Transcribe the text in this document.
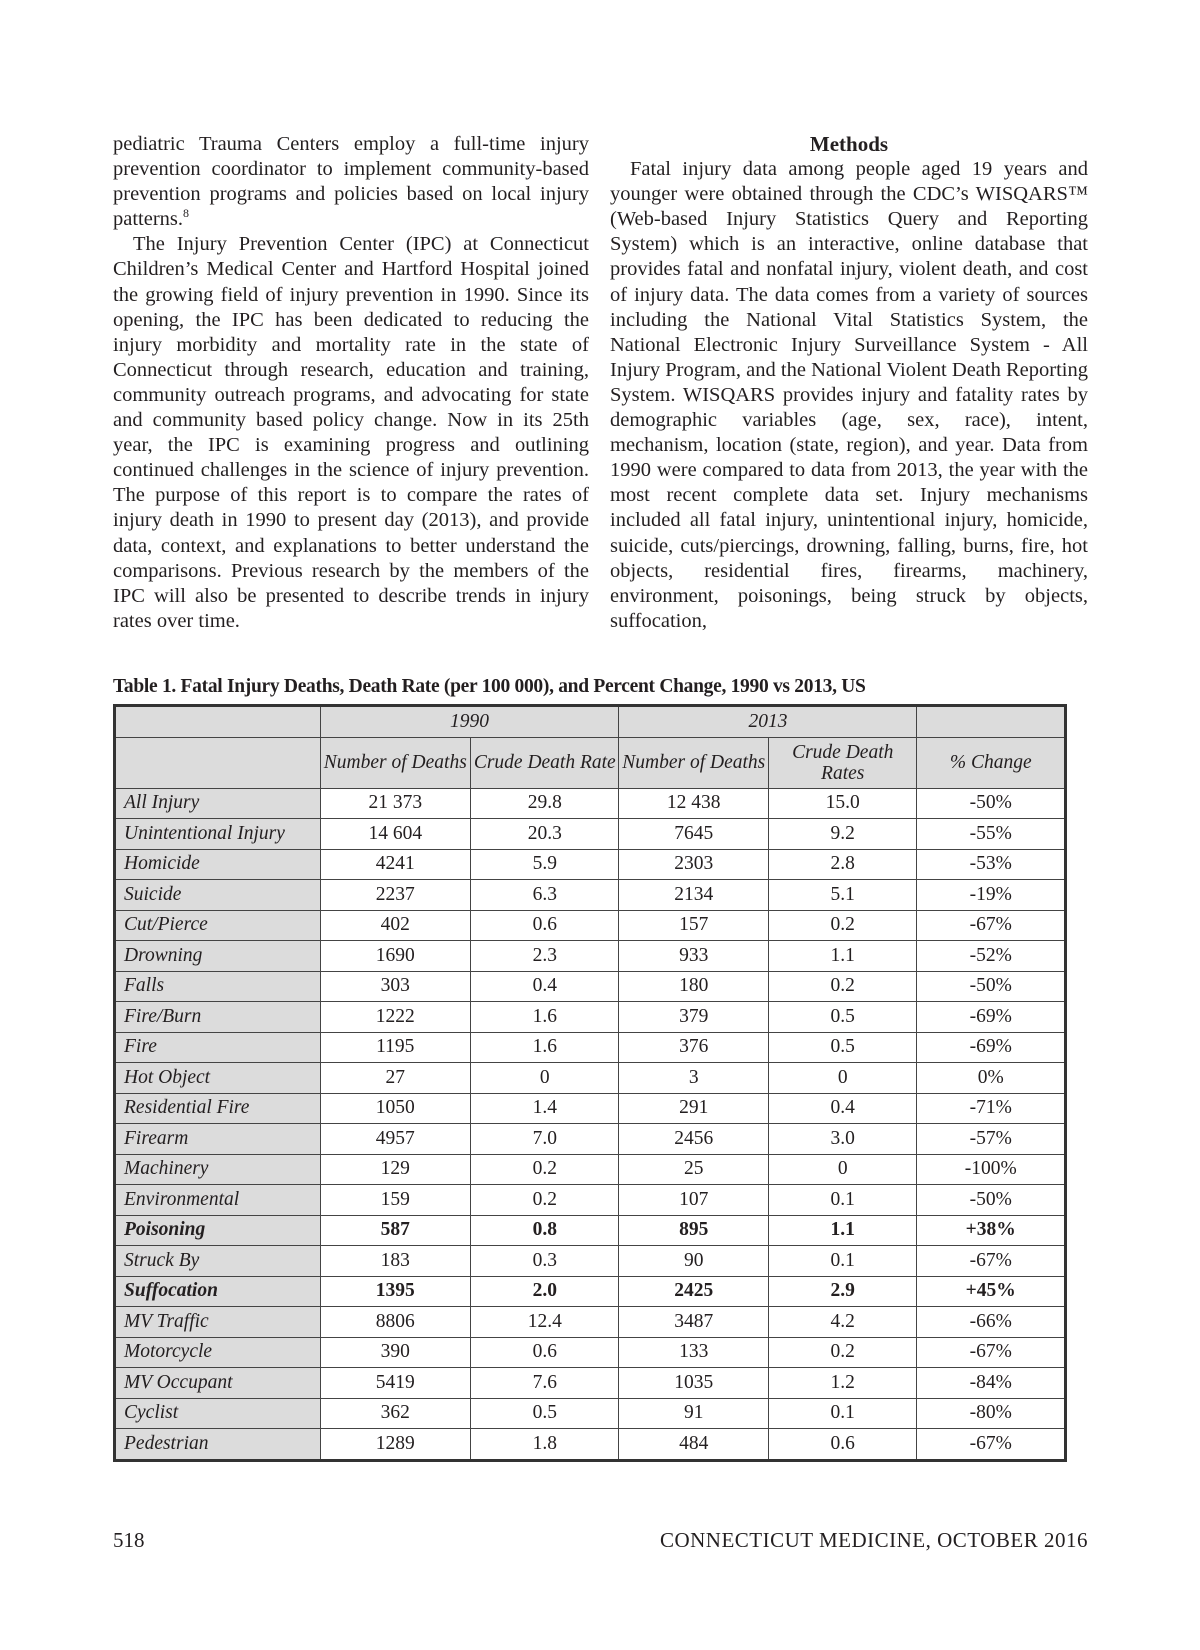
pediatric Trauma Centers employ a full-time injury prevention coordinator to implement community-based prevention programs and policies based on local injury patterns.$^8$

The Injury Prevention Center (IPC) at Connecticut Children’s Medical Center and Hartford Hospital joined the growing field of injury prevention in 1990. Since its opening, the IPC has been dedicated to reducing the injury morbidity and mortality rate in the state of Connecticut through research, education and training, community outreach programs, and advocating for state and community based policy change. Now in its 25th year, the IPC is examining progress and outlining continued challenges in the science of injury prevention. The purpose of this report is to compare the rates of injury death in 1990 to present day (2013), and provide data, context, and explanations to better understand the comparisons. Previous research by the members of the IPC will also be presented to describe trends in injury rates over time.

Methods

Fatal injury data among people aged 19 years and younger were obtained through the CDC’s WISQARS™ (Web-based Injury Statistics Query and Reporting System) which is an interactive, online database that provides fatal and nonfatal injury, violent death, and cost of injury data. The data comes from a variety of sources including the National Vital Statistics System, the National Electronic Injury Surveillance System - All Injury Program, and the National Violent Death Reporting System. WISQARS provides injury and fatality rates by demographic variables (age, sex, race), intent, mechanism, location (state, region), and year. Data from 1990 were compared to data from 2013, the year with the most recent complete data set. Injury mechanisms included all fatal injury, unintentional injury, homicide, suicide, cuts/piercings, drowning, falling, burns, fire, hot objects, residential fires, firearms, machinery, environment, poisonings, being struck by objects, suffocation,

Table 1. Fatal Injury Deaths, Death Rate (per 100 000), and Percent Change, 1990 vs 2013, US
	1990		2013		
	Number of Deaths	Crude Death Rate	Number of Deaths	Crude Death Rates	% Change
All Injury	21 373	29.8	12 438	15.0	-50%
Unintentional Injury	14 604	20.3	7645	9.2	-55%
Homicide	4241	5.9	2303	2.8	-53%
Suicide	2237	6.3	2134	5.1	-19%
Cut/Pierce	402	0.6	157	0.2	-67%
Drowning	1690	2.3	933	1.1	-52%
Falls	303	0.4	180	0.2	-50%
Fire/Burn	1222	1.6	379	0.5	-69%
Fire	1195	1.6	376	0.5	-69%
Hot Object	27	0	3	0	0%
Residential Fire	1050	1.4	291	0.4	-71%
Firearm	4957	7.0	2456	3.0	-57%
Machinery	129	0.2	25	0	-100%
Environmental	159	0.2	107	0.1	-50%
Poisoning	587	0.8	895	1.1	+38%
Struck By	183	0.3	90	0.1	-67%
Suffocation	1395	2.0	2425	2.9	+45%
MV Traffic	8806	12.4	3487	4.2	-66%
Motorcycle	390	0.6	133	0.2	-67%
MV Occupant	5419	7.6	1035	1.2	-84%
Cyclist	362	0.5	91	0.1	-80%
Pedestrian	1289	1.8	484	0.6	-67%
518	CONNECTICUT MEDICINE, OCTOBER 2016
